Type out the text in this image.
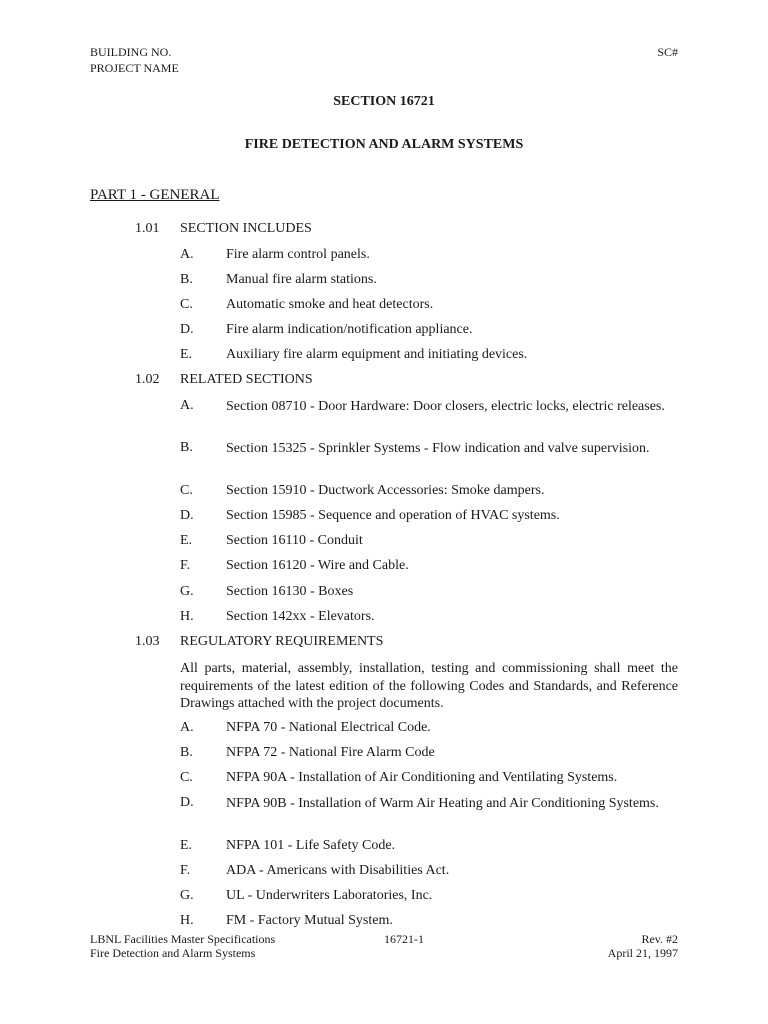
BUILDING NO.
PROJECT NAME
SC#
SECTION 16721
FIRE DETECTION AND ALARM SYSTEMS
PART 1 - GENERAL
1.01 SECTION INCLUDES
A. Fire alarm control panels.
B. Manual fire alarm stations.
C. Automatic smoke and heat detectors.
D. Fire alarm indication/notification appliance.
E. Auxiliary fire alarm equipment and initiating devices.
1.02 RELATED SECTIONS
A. Section 08710 - Door Hardware: Door closers, electric locks, electric releases.
B. Section 15325 - Sprinkler Systems - Flow indication and valve supervision.
C. Section 15910 - Ductwork Accessories: Smoke dampers.
D. Section 15985 - Sequence and operation of HVAC systems.
E. Section 16110 - Conduit
F.	Section 16120 - Wire and Cable.
G. Section 16130 - Boxes
H. Section 142xx - Elevators.
1.03 REGULATORY REQUIREMENTS
All parts, material, assembly, installation, testing and commissioning shall meet the requirements of the latest edition of the following Codes and Standards, and Reference Drawings attached with the project documents.
A. NFPA 70 - National Electrical Code.
B. NFPA 72 - National Fire Alarm Code
C. NFPA 90A - Installation of Air Conditioning and Ventilating Systems.
D. NFPA 90B - Installation of Warm Air Heating and Air Conditioning Systems.
E. NFPA 101 - Life Safety Code.
F.	ADA - Americans with Disabilities Act.
G. UL - Underwriters Laboratories, Inc.
H. FM - Factory Mutual System.
LBNL Facilities Master Specifications
Fire Detection and Alarm Systems
16721-1	Rev. #2
April 21, 1997
